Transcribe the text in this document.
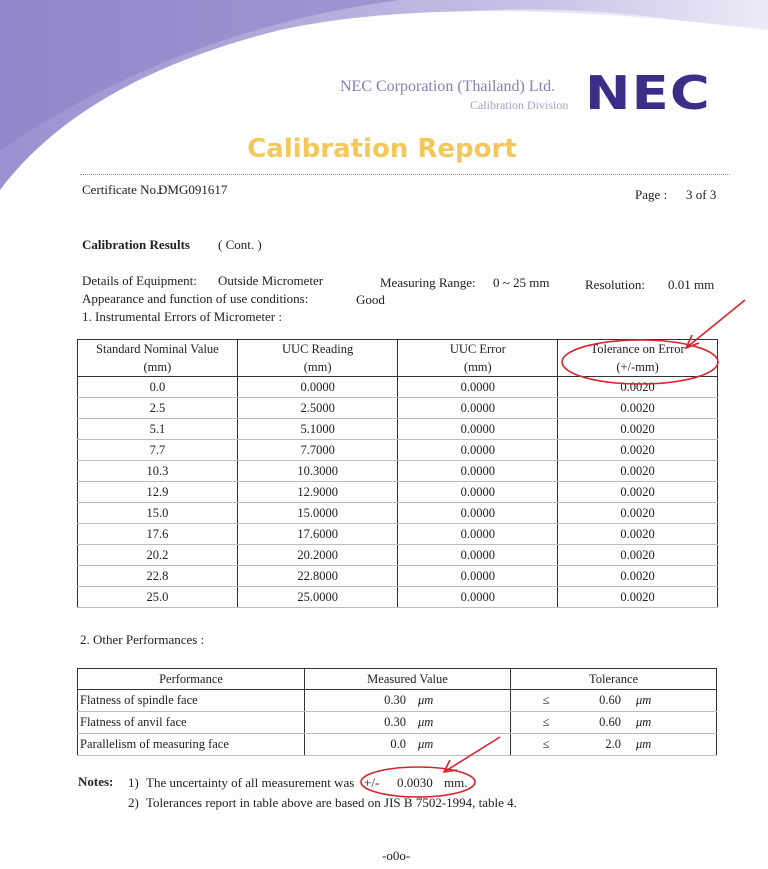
NEC Corporation (Thailand) Ltd.
Calibration Division NEC
Calibration Report
Certificate No.:
DMG091617	Page : 3 of 3
Calibration Results ( Cont. )
Details of Equipment: Outside Micrometer	Measuring Range: 0 ~ 25 mm	Resolution: 0.01 mm
Appearance and function of use conditions:	Good
1. Instrumental Errors of Micrometer :
Standard Nominal Value	UUC Reading	UUC Error	Tolerance on Error
(mm)	(mm)	(mm)	(+/-mm)
0.0	0.0000	0.0000	0.0020
2.5	2.5000	0.0000	0.0020
5.1	5.1000	0.0000	0.0020
7.7	7.7000	0.0000	0.0020
10.3	10.3000	0.0000	0.0020
12.9	12.9000	0.0000	0.0020
15.0	15.0000	0.0000	0.0020
17.6	17.6000	0.0000	0.0020
20.2	20.2000	0.0000	0.0020
22.8	22.8000	0.0000	0.0020
25.0	25.0000	0.0000	0.0020
2. Other Performances :
Performance	Measured Value	Tolerance
Flatness of spindle face	0.30 μm	≤ 0.60 μm

Flatness of anvil face	0.30 μm	≤ 0.60 μm

Parallelism of measuring face	0.0 μm	≤ 2.0 μm
Notes: 1) The uncertainty of all measurement was +/- 0.0030 mm.
2) Tolerances report in table above are based on JIS B 7502-1994, table 4.
-o0o-
